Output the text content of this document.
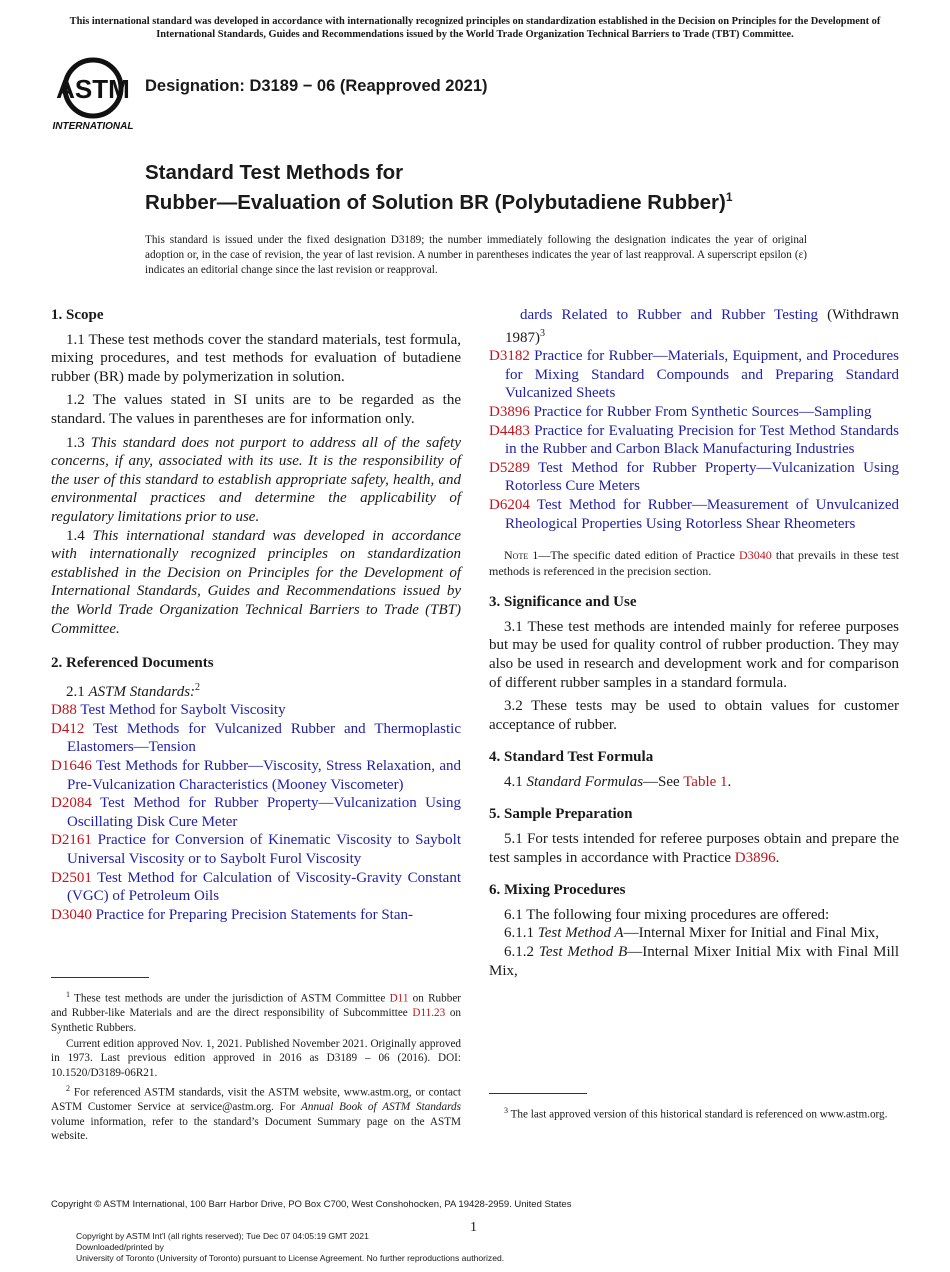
This international standard was developed in accordance with internationally recognized principles on standardization established in the Decision on Principles for the Development of International Standards, Guides and Recommendations issued by the World Trade Organization Technical Barriers to Trade (TBT) Committee.
ASTM
INTERNATIONAL
Designation: D3189 − 06 (Reapproved 2021)
Standard Test Methods for
Rubber—Evaluation of Solution BR (Polybutadiene Rubber)$^1$
This standard is issued under the fixed designation D3189; the number immediately following the designation indicates the year of original adoption or, in the case of revision, the year of last revision. A number in parentheses indicates the year of last reapproval. A superscript epsilon (ε) indicates an editorial change since the last revision or reapproval.
1. Scope

1.1 These test methods cover the standard materials, test formula, mixing procedures, and test methods for evaluation of butadiene rubber (BR) made by polymerization in solution.

1.2 The values stated in SI units are to be regarded as the standard. The values in parentheses are for information only.

1.3 This standard does not purport to address all of the safety concerns, if any, associated with its use. It is the responsibility of the user of this standard to establish appropriate safety, health, and environmental practices and determine the applicability of regulatory limitations prior to use.

1.4 This international standard was developed in accordance with internationally recognized principles on standardization established in the Decision on Principles for the Development of International Standards, Guides and Recommendations issued by the World Trade Organization Technical Barriers to Trade (TBT) Committee.

2. Referenced Documents

2.1 ASTM Standards:$^2$

D88 Test Method for Saybolt Viscosity

D412 Test Methods for Vulcanized Rubber and Thermoplastic Elastomers—Tension

D1646 Test Methods for Rubber—Viscosity, Stress Relaxation, and Pre-Vulcanization Characteristics (Mooney Viscometer)

D2084 Test Method for Rubber Property—Vulcanization Using Oscillating Disk Cure Meter

D2161 Practice for Conversion of Kinematic Viscosity to Saybolt Universal Viscosity or to Saybolt Furol Viscosity

D2501 Test Method for Calculation of Viscosity-Gravity Constant (VGC) of Petroleum Oils

D3040 Practice for Preparing Precision Statements for Stan-

$^1$ These test methods are under the jurisdiction of ASTM Committee D11 on Rubber and Rubber-like Materials and are the direct responsibility of Subcommittee D11.23 on Synthetic Rubbers.

Current edition approved Nov. 1, 2021. Published November 2021. Originally approved in 1973. Last previous edition approved in 2016 as D3189 – 06 (2016). DOI: 10.1520/D3189-06R21.

$^2$ For referenced ASTM standards, visit the ASTM website, www.astm.org, or contact ASTM Customer Service at service@astm.org. For Annual Book of ASTM Standards volume information, refer to the standard’s Document Summary page on the ASTM website.

dards Related to Rubber and Rubber Testing (Withdrawn 1987)$^3$

D3182 Practice for Rubber—Materials, Equipment, and Procedures for Mixing Standard Compounds and Preparing Standard Vulcanized Sheets

D3896 Practice for Rubber From Synthetic Sources—Sampling

D4483 Practice for Evaluating Precision for Test Method Standards in the Rubber and Carbon Black Manufacturing Industries

D5289 Test Method for Rubber Property—Vulcanization Using Rotorless Cure Meters

D6204 Test Method for Rubber—Measurement of Unvulcanized Rheological Properties Using Rotorless Shear Rheometers

Note 1—The specific dated edition of Practice D3040 that prevails in these test methods is referenced in the precision section.
3. Significance and Use

3.1 These test methods are intended mainly for referee purposes but may be used for quality control of rubber production. They may also be used in research and development work and for comparison of different rubber samples in a standard formula.

3.2 These tests may be used to obtain values for customer acceptance of rubber.

4. Standard Test Formula

4.1 Standard Formulas—See Table 1.

5. Sample Preparation

5.1 For tests intended for referee purposes obtain and prepare the test samples in accordance with Practice D3896.

6. Mixing Procedures

6.1 The following four mixing procedures are offered:

6.1.1 Test Method A—Internal Mixer for Initial and Final Mix,

6.1.2 Test Method B—Internal Mixer Initial Mix with Final Mill Mix,

$^3$ The last approved version of this historical standard is referenced on www.astm.org.

Copyright © ASTM International, 100 Barr Harbor Drive, PO Box C700, West Conshohocken, PA 19428-2959. United States
1
Copyright by ASTM Int'l (all rights reserved); Tue Dec 07 04:05:19 GMT 2021
Downloaded/printed by
University of Toronto (University of Toronto) pursuant to License Agreement. No further reproductions authorized.
